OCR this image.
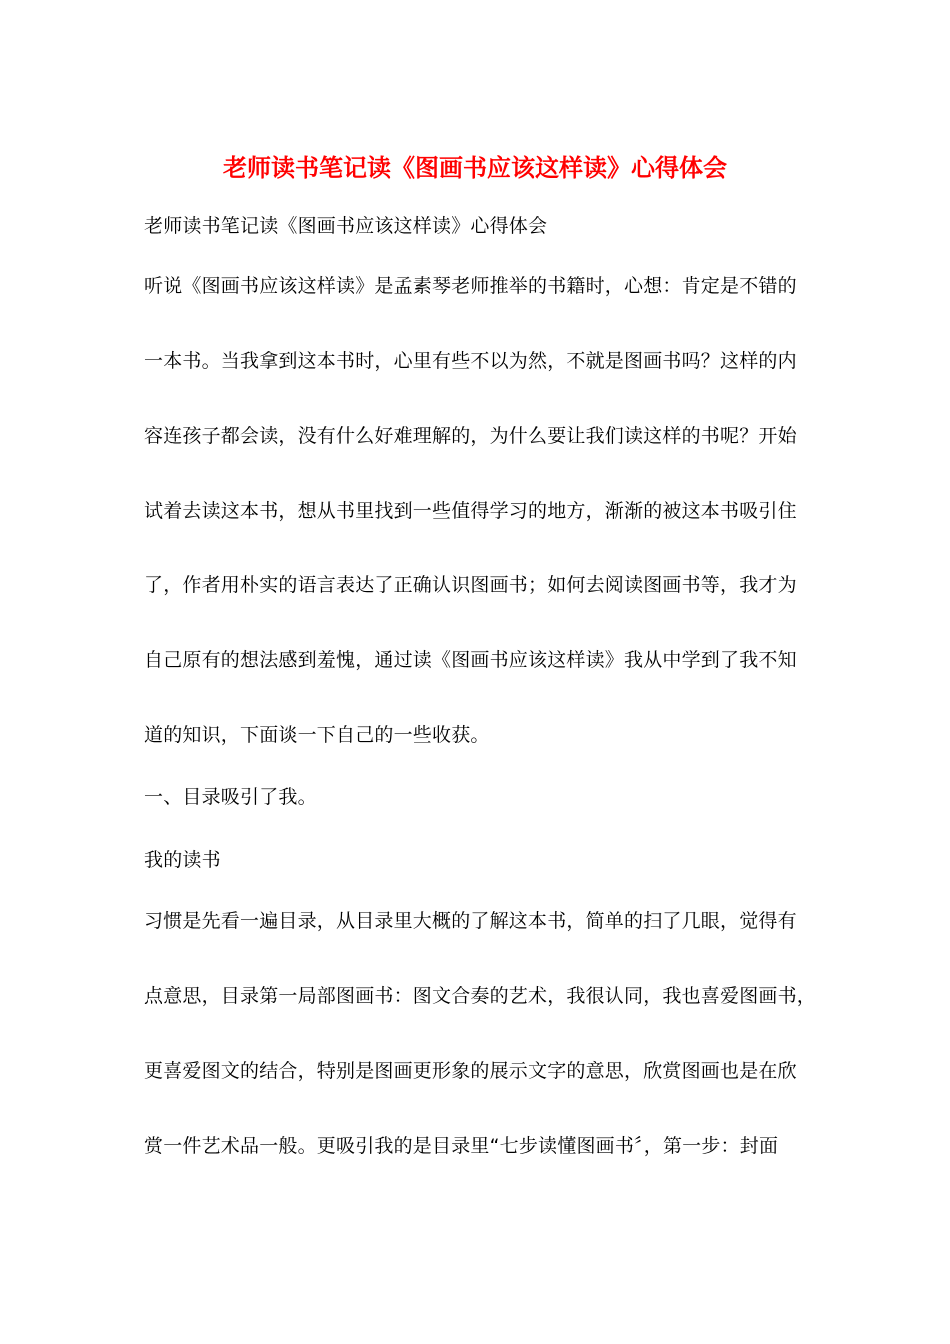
老师读书笔记读《图画书应该这样读》心得体会
老师读书笔记读《图画书应该这样读》心得体会
听说《图画书应该这样读》是孟素琴老师推举的书籍时，心想：肯定是不错的
一本书。当我拿到这本书时，心里有些不以为然，不就是图画书吗？这样的内
容连孩子都会读，没有什么好难理解的，为什么要让我们读这样的书呢？开始
试着去读这本书，想从书里找到一些值得学习的地方，渐渐的被这本书吸引住
了，作者用朴实的语言表达了正确认识图画书；如何去阅读图画书等，我才为
自己原有的想法感到羞愧，通过读《图画书应该这样读》我从中学到了我不知
道的知识，下面谈一下自己的一些收获。
一、目录吸引了我。
我的读书
习惯是先看一遍目录，从目录里大概的了解这本书，简单的扫了几眼，觉得有
点意思，目录第一局部图画书：图文合奏的艺术，我很认同，我也喜爱图画书，
更喜爱图文的结合，特别是图画更形象的展示文字的意思，欣赏图画也是在欣
赏一件艺术品一般。更吸引我的是目录里“七步读懂图画书〞，第一步：封面
